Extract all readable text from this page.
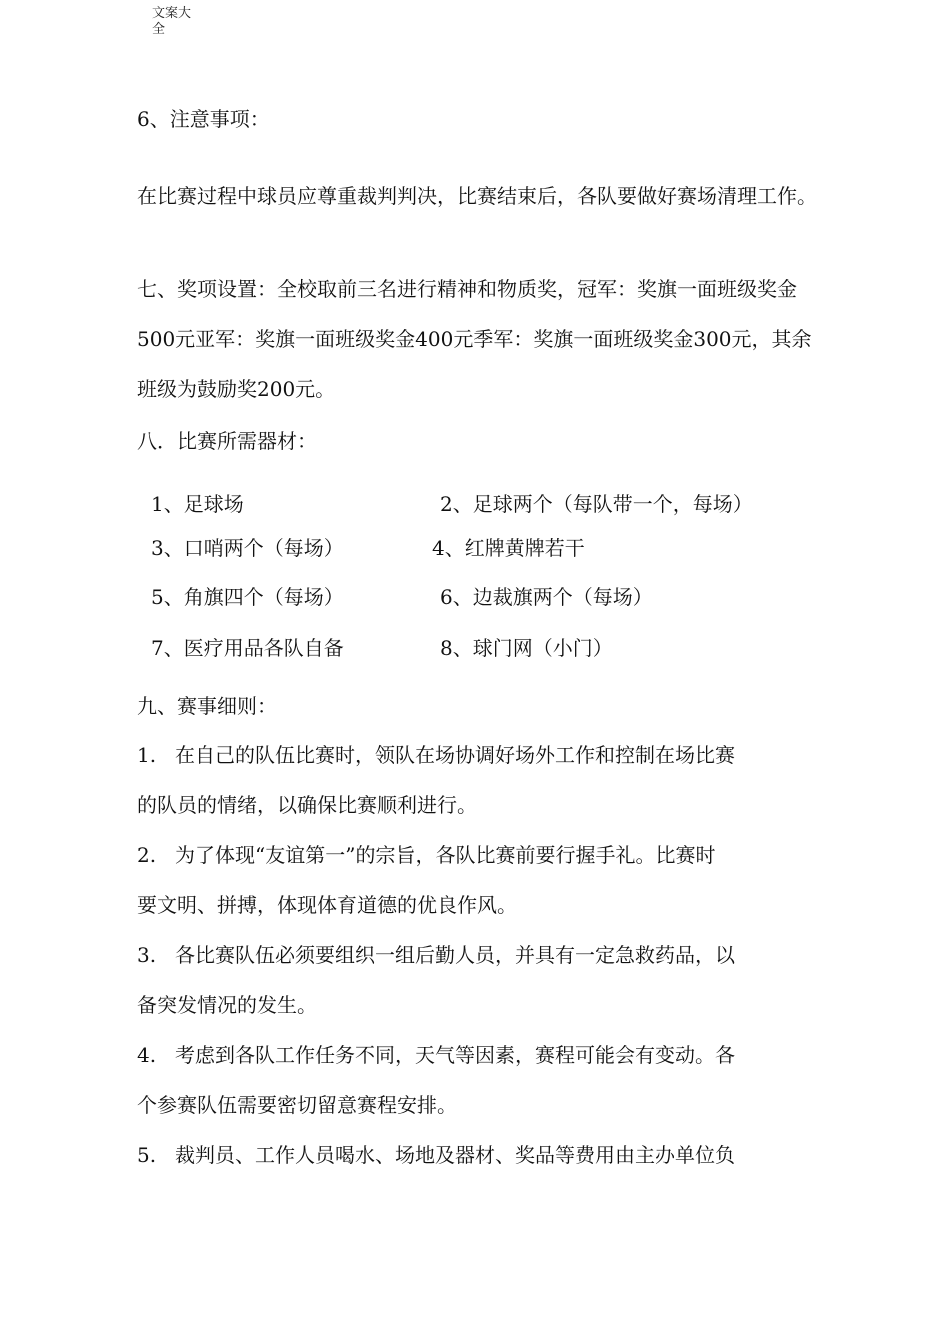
文案大全
6、注意事项：
在比赛过程中球员应尊重裁判判决，比赛结束后，各队要做好赛场清理工作。
七、奖项设置：全校取前三名进行精神和物质奖，冠军：奖旗一面班级奖金500元亚军：奖旗一面班级奖金400元季军：奖旗一面班级奖金300元，其余班级为鼓励奖200元。
八．比赛所需器材：
1、足球场	2、足球两个（每队带一个，每场）
3、口哨两个（每场）	4、红牌黄牌若干
5、角旗四个（每场）	6、边裁旗两个（每场）
7、医疗用品各队自备	8、球门网（小门）
九、赛事细则：
1. 在自己的队伍比赛时，领队在场协调好场外工作和控制在场比赛
的队员的情绪，以确保比赛顺利进行。
2. 为了体现“友谊第一”的宗旨，各队比赛前要行握手礼。比赛时
要文明、拼搏，体现体育道德的优良作风。
3. 各比赛队伍必须要组织一组后勤人员，并具有一定急救药品，以
备突发情况的发生。
4. 考虑到各队工作任务不同，天气等因素，赛程可能会有变动。各
个参赛队伍需要密切留意赛程安排。
5. 裁判员、工作人员喝水、场地及器材、奖品等费用由主办单位负
